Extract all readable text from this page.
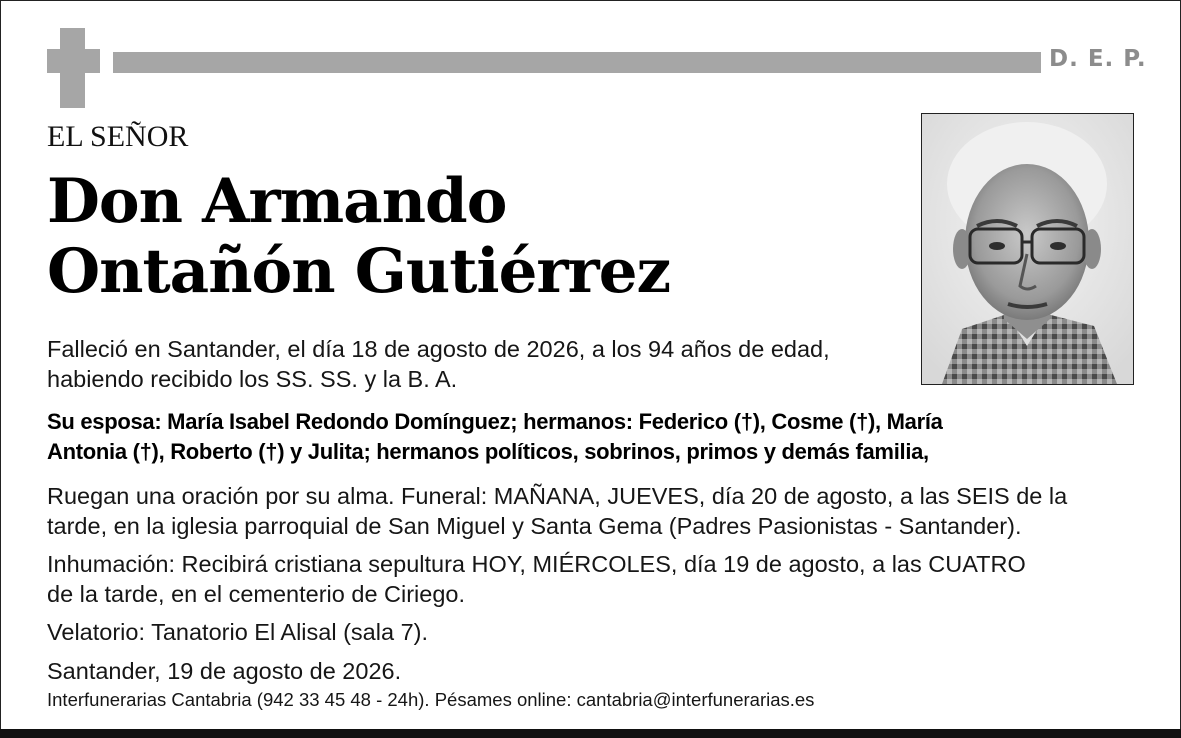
D. E. P.
EL SEÑOR
Don Armando
Ontañón Gutiérrez
Falleció en Santander, el día 18 de agosto de 2026, a los 94 años de edad,
habiendo recibido los SS. SS. y la B. A.
Su esposa: María Isabel Redondo Domínguez; hermanos: Federico (†), Cosme (†), María
Antonia (†), Roberto (†) y Julita; hermanos políticos, sobrinos, primos y demás familia,
Ruegan una oración por su alma. Funeral: MAÑANA, JUEVES, día 20 de agosto, a las SEIS de la
tarde, en la iglesia parroquial de San Miguel y Santa Gema (Padres Pasionistas - Santander).
Inhumación: Recibirá cristiana sepultura HOY, MIÉRCOLES, día 19 de agosto, a las CUATRO
de la tarde, en el cementerio de Ciriego.
Velatorio: Tanatorio El Alisal (sala 7).
Santander, 19 de agosto de 2026.
Interfunerarias Cantabria (942 33 45 48 - 24h). Pésames online: cantabria@interfunerarias.es
